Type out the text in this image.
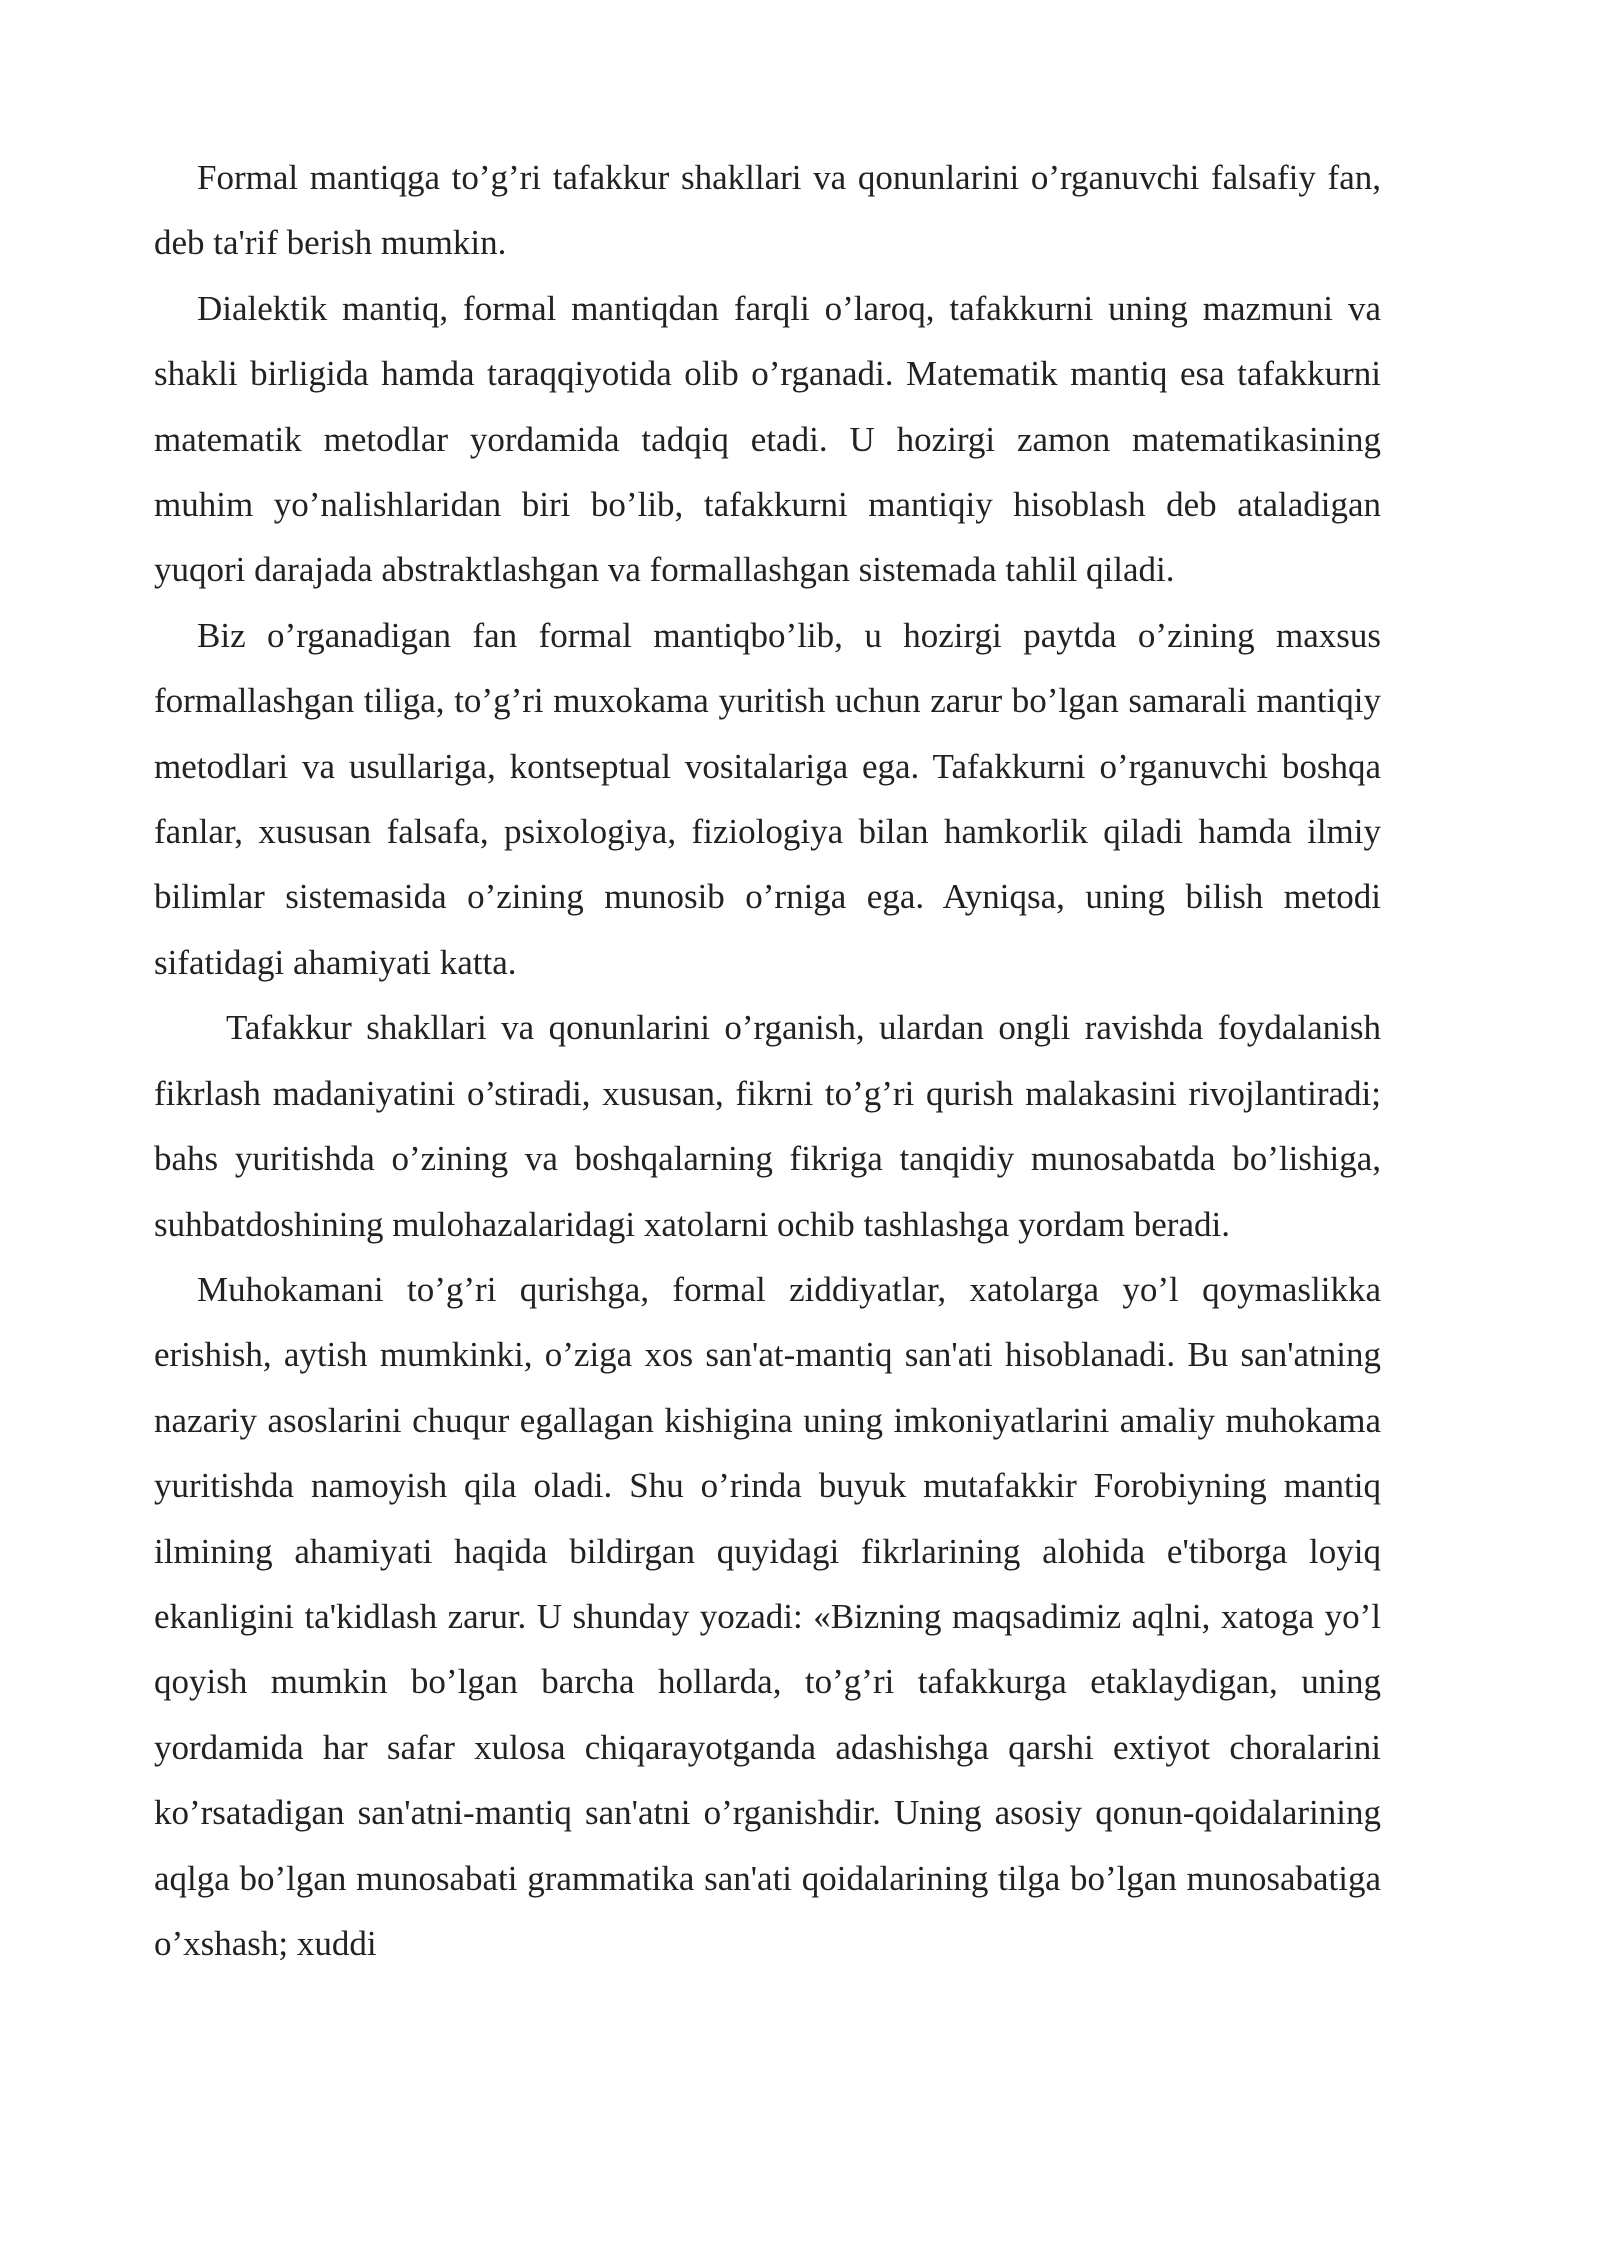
Formal mantiqga to’g’ri tafakkur shakllari va qonunlarini o’rganuvchi falsafiy fan, deb ta'rif berish mumkin.

Dialektik mantiq, formal mantiqdan farqli o’laroq, tafakkurni uning mazmuni va shakli birligida hamda taraqqiyotida olib o’rganadi. Matematik mantiq esa tafakkurni matematik metodlar yordamida tadqiq etadi. U hozirgi zamon matematikasining muhim yo’nalishlaridan biri bo’lib, tafakkurni mantiqiy hisoblash deb ataladigan yuqori darajada abstraktlashgan va formallashgan sistemada tahlil qiladi.

Biz o’rganadigan fan formal mantiqbo’lib, u hozirgi paytda o’zining maxsus formallashgan tiliga, to’g’ri muxokama yuritish uchun zarur bo’lgan samarali mantiqiy metodlari va usullariga, kontseptual vositalariga ega. Tafakkurni o’rganuvchi boshqa fanlar, xususan falsafa, psixologiya, fiziologiya bilan hamkorlik qiladi hamda ilmiy bilimlar sistemasida o’zining munosib o’rniga ega. Ayniqsa, uning bilish metodi sifatidagi ahamiyati katta.

Tafakkur shakllari va qonunlarini o’rganish, ulardan ongli ravishda foydalanish fikrlash madaniyatini o’stiradi, xususan, fikrni to’g’ri qurish malakasini rivojlantiradi; bahs yuritishda o’zining va boshqalarning fikriga tanqidiy munosabatda bo’lishiga, suhbatdoshining mulohazalaridagi xatolarni ochib tashlashga yordam beradi.

Muhokamani to’g’ri qurishga, formal ziddiyatlar, xatolarga yo’l qoymaslikka erishish, aytish mumkinki, o’ziga xos san'at-mantiq san'ati hisoblanadi. Bu san'atning nazariy asoslarini chuqur egallagan kishigina uning imkoniyatlarini amaliy muhokama yuritishda namoyish qila oladi. Shu o’rinda buyuk mutafakkir Forobiyning mantiq ilmining ahamiyati haqida bildirgan quyidagi fikrlarining alohida e'tiborga loyiq ekanligini ta'kidlash zarur. U shunday yozadi: «Bizning maqsadimiz aqlni, xatoga yo’l qoyish mumkin bo’lgan barcha hollarda, to’g’ri tafakkurga etaklaydigan, uning yordamida har safar xulosa chiqarayotganda adashishga qarshi extiyot choralarini ko’rsatadigan san'atni-mantiq san'atni o’rganishdir. Uning asosiy qonun-qoidalarining aqlga bo’lgan munosabati grammatika san'ati qoidalarining tilga bo’lgan munosabatiga o’xshash; xuddi
